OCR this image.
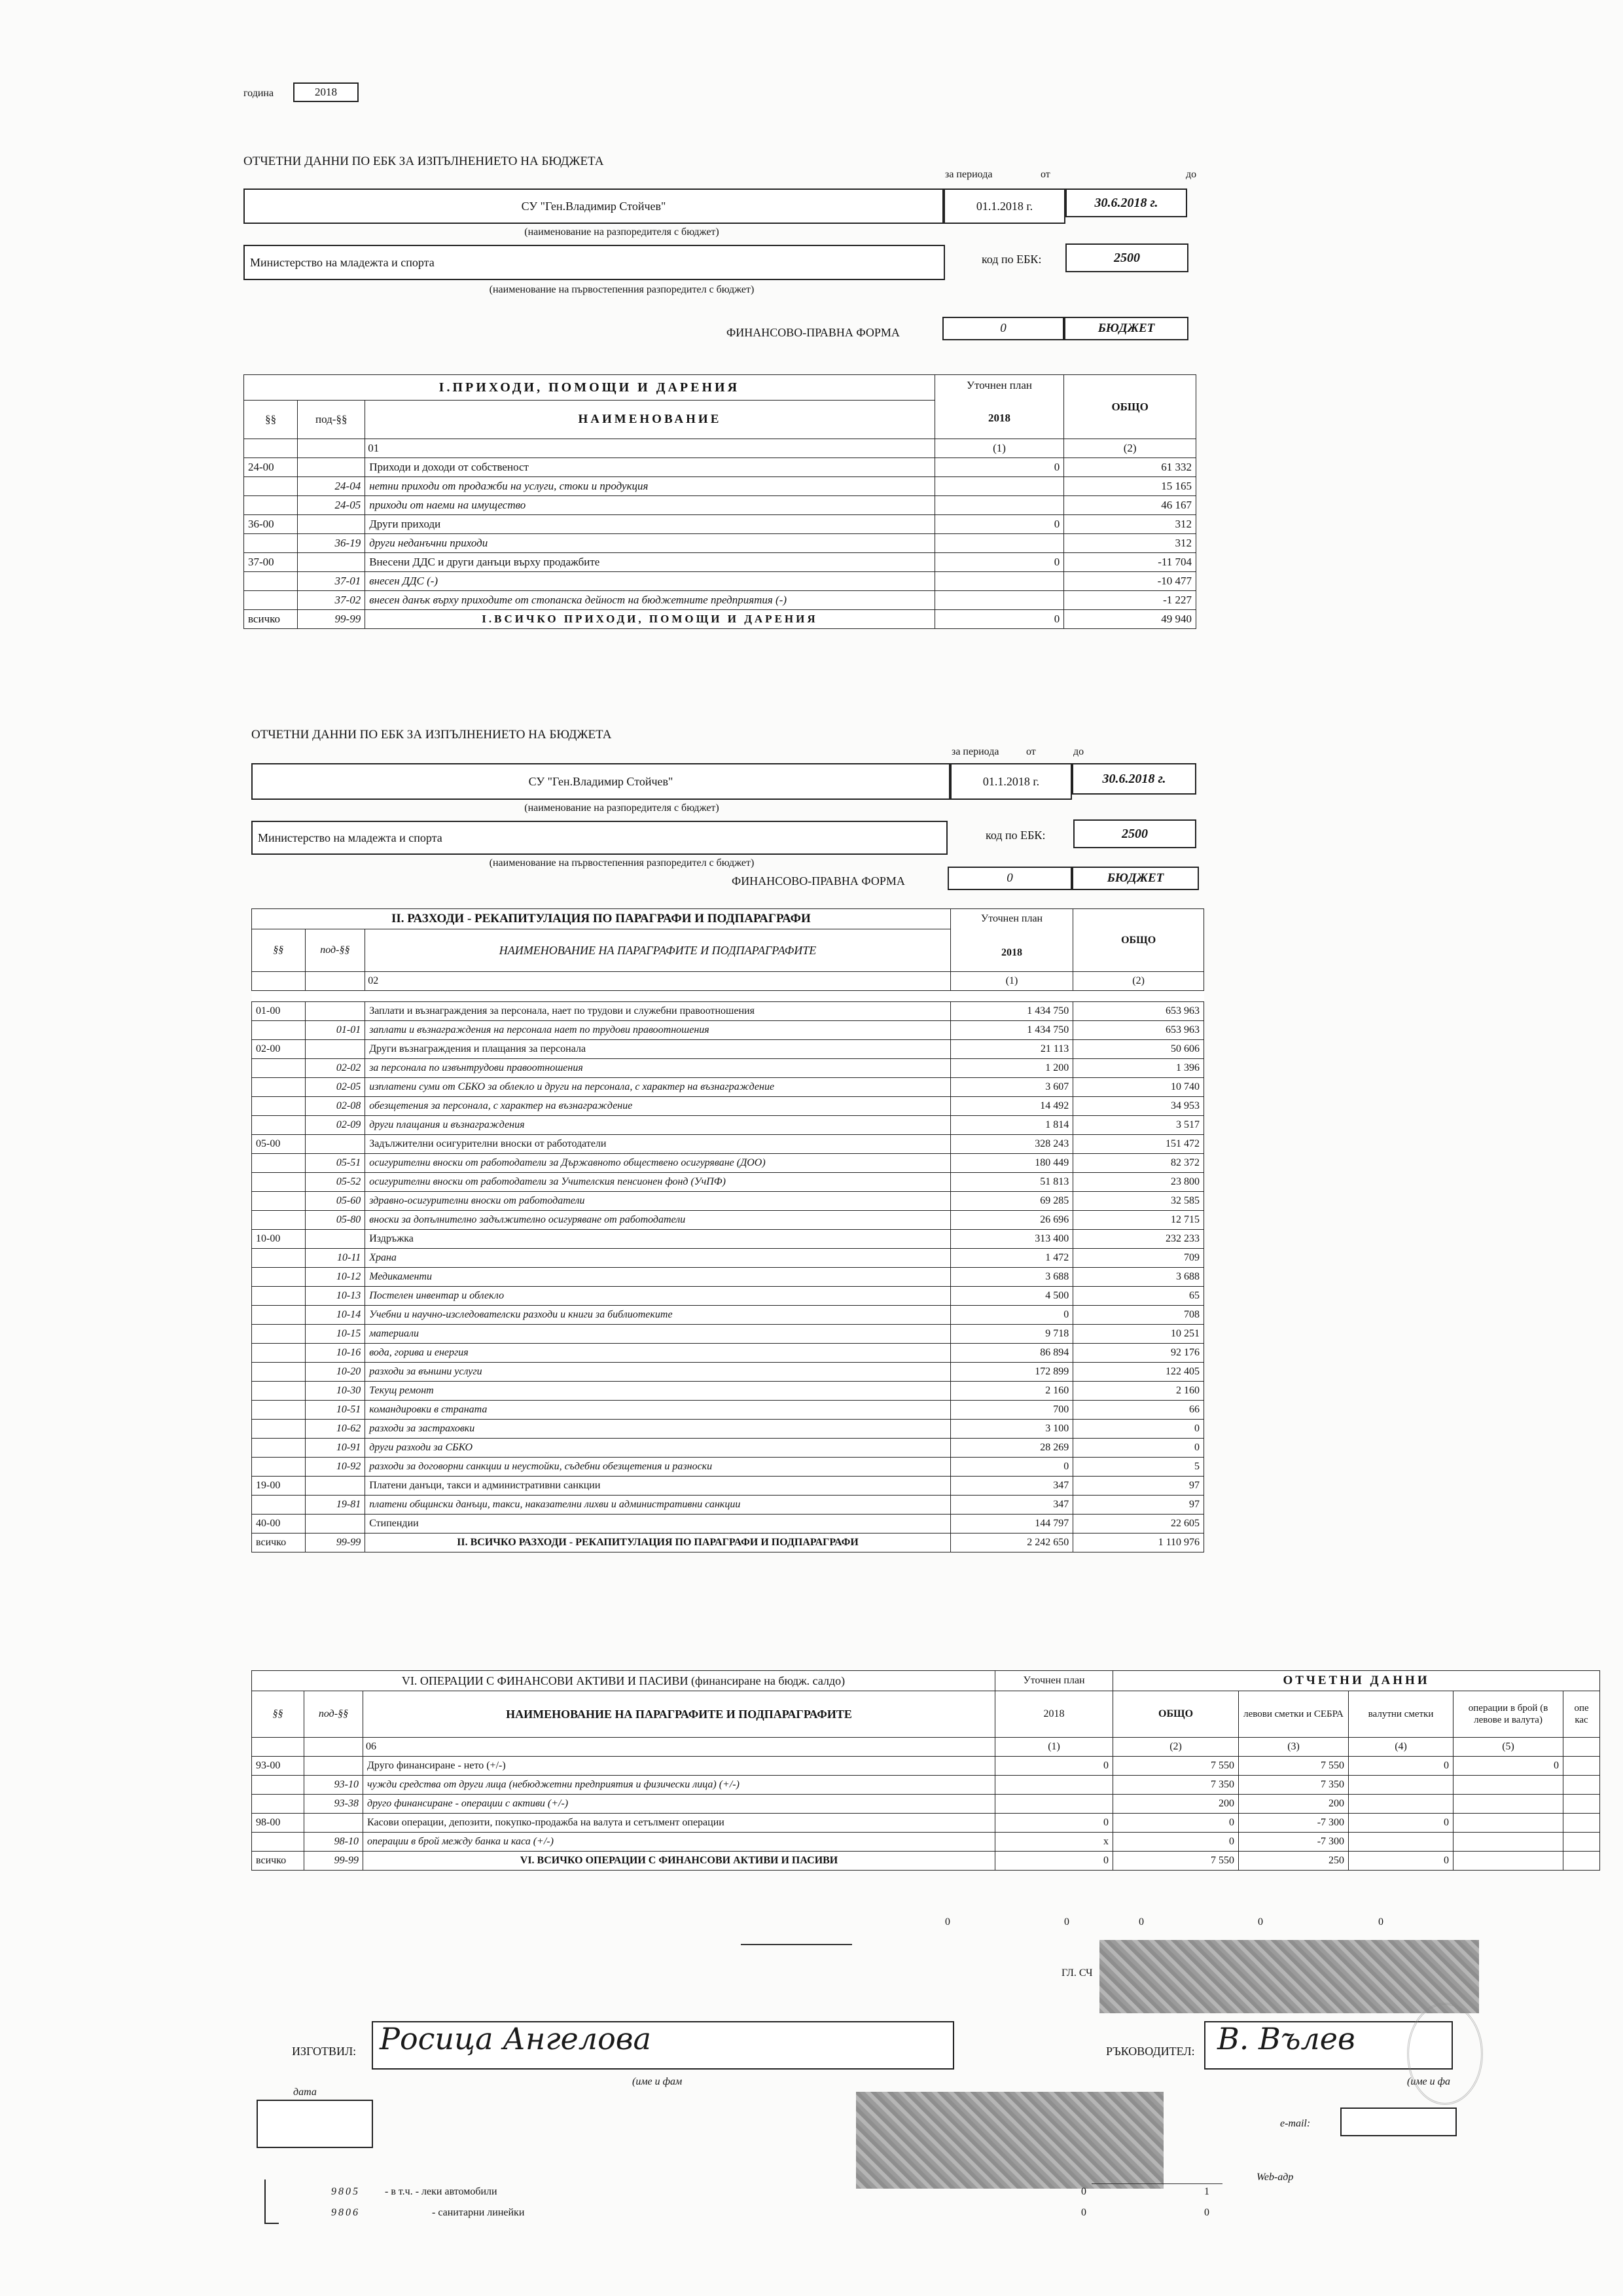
година	2018
ОТЧЕТНИ ДАННИ ПО ЕБК ЗА ИЗПЪЛНЕНИЕТО НА БЮДЖЕТА
за периода	от	до
СУ "Ген.Владимир Стойчев"	01.1.2018 г.	30.6.2018 г.
(наименование на разпоредителя с бюджет)
Министерство на младежта и спорта	код по ЕБК:	2500
(наименование на първостепенния разпоредител с бюджет)
ФИНАНСОВО-ПРАВНА ФОРМА	0	БЮДЖЕТ
I.ПРИХОДИ, ПОМОЩИ И ДАРЕНИЯ			Уточнен план
2018	ОБЩО
§§	под-§§	НАИМЕНОВАНИЕ		
		01	(1)	(2)
24-00		Приходи и доходи от собственост	0	61 332
	24-04	нетни приходи от продажби на услуги, стоки и продукция		15 165
	24-05	приходи от наеми на имущество		46 167
36-00		Други приходи	0	312
	36-19	други неданъчни приходи		312
37-00		Внесени ДДС и други данъци върху продажбите	0	-11 704
	37-01	внесен ДДС (-)		-10 477
	37-02	внесен данък върху приходите от стопанска дейност на бюджетните предприятия (-)		-1 227
всичко	99-99	I.ВСИЧКО ПРИХОДИ, ПОМОЩИ И ДАРЕНИЯ	0	49 940
ОТЧЕТНИ ДАННИ ПО ЕБК ЗА ИЗПЪЛНЕНИЕТО НА БЮДЖЕТА
за периода	от	до
СУ "Ген.Владимир Стойчев"	01.1.2018 г.	30.6.2018 г.
(наименование на разпоредителя с бюджет)
Министерство на младежта и спорта	код по ЕБК:	2500
(наименование на първостепенния разпоредител с бюджет)
ФИНАНСОВО-ПРАВНА ФОРМА	0	БЮДЖЕТ
II. РАЗХОДИ - РЕКАПИТУЛАЦИЯ ПО ПАРАГРАФИ И ПОДПАРАГРАФИ			Уточнен план
2018	ОБЩО
§§	под-§§	НАИМЕНОВАНИЕ НА ПАРАГРАФИТЕ И ПОДПАРАГРАФИТЕ		
		02	(1)	(2)

01-00		Заплати и възнаграждения за персонала, нает по трудови и служебни правоотношения	1 434 750	653 963
	01-01	заплати и възнаграждения на персонала нает по трудови правоотношения	1 434 750	653 963
02-00		Други възнаграждения и плащания за персонала	21 113	50 606
	02-02	за персонала по извънтрудови правоотношения	1 200	1 396
	02-05	изплатени суми от СБКО за облекло и други на персонала, с характер на възнаграждение	3 607	10 740
	02-08	обезщетения за персонала, с характер на възнаграждение	14 492	34 953
	02-09	други плащания и възнаграждения	1 814	3 517
05-00		Задължителни осигурителни вноски от работодатели	328 243	151 472
	05-51	осигурителни вноски от работодатели за Държавното обществено осигуряване (ДОО)	180 449	82 372
	05-52	осигурителни вноски от работодатели за Учителския пенсионен фонд (УчПФ)	51 813	23 800
	05-60	здравно-осигурителни вноски от работодатели	69 285	32 585
	05-80	вноски за допълнително задължително осигуряване от работодатели	26 696	12 715
10-00		Издръжка	313 400	232 233
	10-11	Храна	1 472	709
	10-12	Медикаменти	3 688	3 688
	10-13	Постелен инвентар и облекло	4 500	65
	10-14	Учебни и научно-изследователски разходи и книги за библиотеките	0	708
	10-15	материали	9 718	10 251
	10-16	вода, горива и енергия	86 894	92 176
	10-20	разходи за външни услуги	172 899	122 405
	10-30	Текущ ремонт	2 160	2 160
	10-51	командировки в страната	700	66
	10-62	разходи за застраховки	3 100	0
	10-91	други разходи за СБКО	28 269	0
	10-92	разходи за договорни санкции и неустойки, съдебни обезщетения и разноски	0	5
19-00		Платени данъци, такси и административни санкции	347	97
	19-81	платени общински данъци, такси, наказателни лихви и административни санкции	347	97
40-00		Стипендии	144 797	22 605
всичко	99-99	II. ВСИЧКО РАЗХОДИ - РЕКАПИТУЛАЦИЯ ПО ПАРАГРАФИ И ПОДПАРАГРАФИ	2 242 650	1 110 976
VI. ОПЕРАЦИИ С ФИНАНСОВИ АКТИВИ И ПАСИВИ (финансиране на бюдж. салдо)			Уточнен план	ОТЧЕТНИ ДАННИ				
§§	под-§§	НАИМЕНОВАНИЕ НА ПАРАГРАФИТЕ И ПОДПАРАГРАФИТЕ	2018	ОБЩО	левови сметки и СЕБРА	валутни сметки	операции в брой (в левове и валута)	опе
кас
		06	(1)	(2)	(3)	(4)	(5)	
93-00		Друго финансиране - нето (+/-)	0	7 550	7 550	0	0	
	93-10	чужди средства от други лица (небюджетни предприятия и физически лица) (+/-)		7 350	7 350			
	93-38	друго финансиране - операции с активи (+/-)		200	200			
98-00		Касови операции, депозити, покупко-продажба на валута и сетълмент операции	0	0	-7 300	0		
	98-10	операции в брой между банка и каса (+/-)	x	0	-7 300			
всичко	99-99	VI. ВСИЧКО ОПЕРАЦИИ С ФИНАНСОВИ АКТИВИ И ПАСИВИ	0	7 550	250	0		
0	0	0	0	0
ГЛ. СЧ
ИЗГОТВИЛ: Росица Ангелова
(име и фам
РЪКОВОДИТЕЛ: В. Вълев
(име и фа
дата
e-mail:
Web-адр
9805 - в т.ч. - леки автомобили	0	1
9806	- санитарни линейки	0	0
